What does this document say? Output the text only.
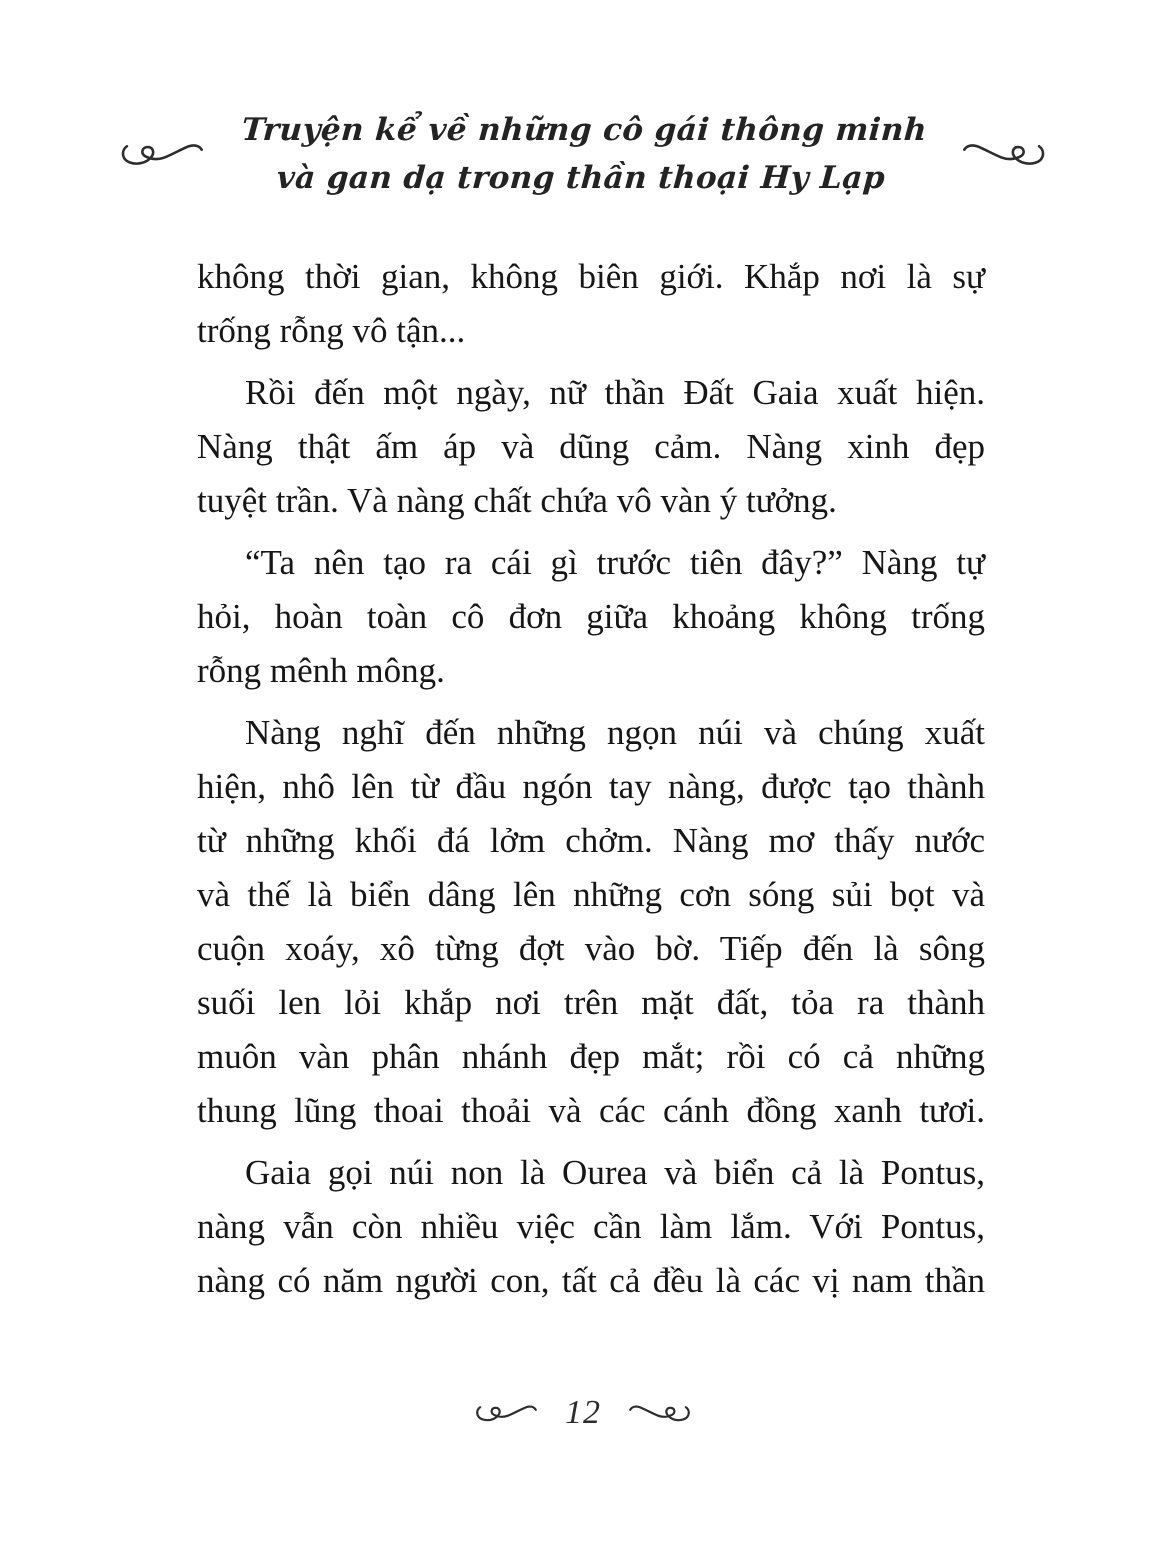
Truyện kể về những cô gái thông minh
và gan dạ trong thần thoại Hy Lạp
không thời gian, không biên giới. Khắp nơi là sự
trống rỗng vô tận...
Rồi đến một ngày, nữ thần Đất Gaia xuất hiện.
Nàng thật ấm áp và dũng cảm. Nàng xinh đẹp
tuyệt trần. Và nàng chất chứa vô vàn ý tưởng.
“Ta nên tạo ra cái gì trước tiên đây?” Nàng tự
hỏi, hoàn toàn cô đơn giữa khoảng không trống
rỗng mênh mông.
Nàng nghĩ đến những ngọn núi và chúng xuất
hiện, nhô lên từ đầu ngón tay nàng, được tạo thành
từ những khối đá lởm chởm. Nàng mơ thấy nước
và thế là biển dâng lên những cơn sóng sủi bọt và
cuộn xoáy, xô từng đợt vào bờ. Tiếp đến là sông
suối len lỏi khắp nơi trên mặt đất, tỏa ra thành
muôn vàn phân nhánh đẹp mắt; rồi có cả những
thung lũng thoai thoải và các cánh đồng xanh tươi.
Gaia gọi núi non là Ourea và biển cả là Pontus,
nàng vẫn còn nhiều việc cần làm lắm. Với Pontus,
nàng có năm người con, tất cả đều là các vị nam thần
12
